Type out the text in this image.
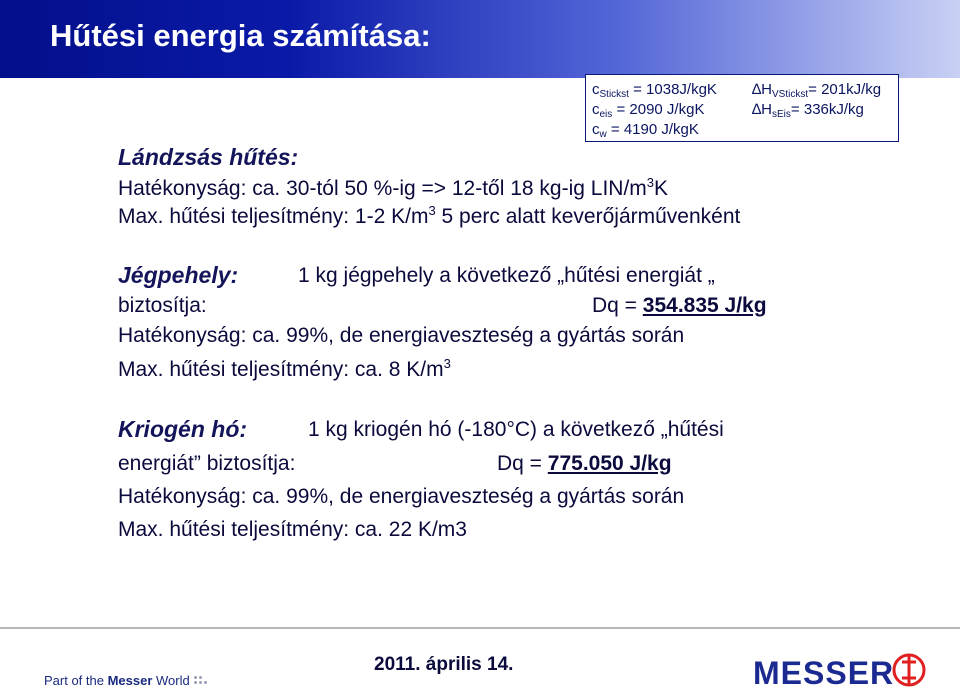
Hűtési energia számítása:
$c_{Stickst} = 1038J/kgK$ $\Delta H_{VStickst}= 201kJ/kg$
$c_{eis} = 2090$ J/kgK	$\Delta H_{sEis}= 336kJ/kg$
$c_w = 4190$ J/kgK
Lándzsás hűtés:
Hatékonyság: ca. 30-tól 50 %-ig => 12-től 18 kg-ig LIN/$m^3K$
Max. hűtési teljesítmény: 1-2 $K/m^3$ 5 perc alatt keverőjárművenként
Jégpehely:	1 kg jégpehely a következő „hűtési energiát „
biztosítja:	Dq = 354.835 J/kg
Hatékonyság: ca. 99%, de energiaveszteség a gyártás során
Max. hűtési teljesítmény: ca. 8 $K/m^3$
Kriogén hó:	1 kg kriogén hó (-180°C) a következő „hűtési
energiát” biztosítja:	Dq = 775.050 J/kg
Hatékonyság: ca. 99%, de energiaveszteség a gyártás során
Max. hűtési teljesítmény: ca. 22 K/m3
Part of the Messer World
2011. április 14.	MESSER
